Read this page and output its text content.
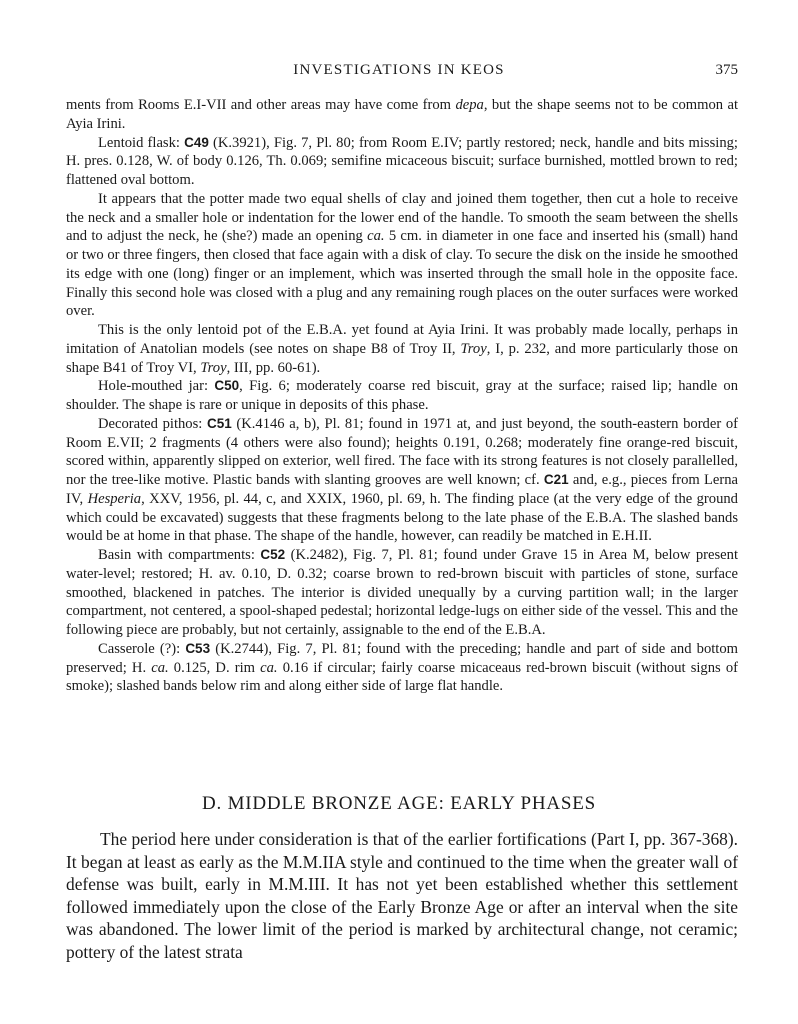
INVESTIGATIONS IN KEOS	375

ments from Rooms E.I-VII and other areas may have come from depa, but the shape seems not to be common at Ayia Irini.

Lentoid flask: C49 (K.3921), Fig. 7, Pl. 80; from Room E.IV; partly restored; neck, handle and bits missing; H. pres. 0.128, W. of body 0.126, Th. 0.069; semifine micaceous biscuit; surface burnished, mottled brown to red; flattened oval bottom.

It appears that the potter made two equal shells of clay and joined them together, then cut a hole to receive the neck and a smaller hole or indentation for the lower end of the handle. To smooth the seam between the shells and to adjust the neck, he (she?) made an opening ca. 5 cm. in diameter in one face and inserted his (small) hand or two or three fingers, then closed that face again with a disk of clay. To secure the disk on the inside he smoothed its edge with one (long) finger or an implement, which was inserted through the small hole in the opposite face. Finally this second hole was closed with a plug and any remaining rough places on the outer surfaces were worked over.

This is the only lentoid pot of the E.B.A. yet found at Ayia Irini. It was probably made locally, perhaps in imitation of Anatolian models (see notes on shape B8 of Troy II, Troy, I, p. 232, and more particularly those on shape B41 of Troy VI, Troy, III, pp. 60-61).

Hole-mouthed jar: C50, Fig. 6; moderately coarse red biscuit, gray at the surface; raised lip; handle on shoulder. The shape is rare or unique in deposits of this phase.

Decorated pithos: C51 (K.4146 a, b), Pl. 81; found in 1971 at, and just beyond, the south-eastern border of Room E.VII; 2 fragments (4 others were also found); heights 0.191, 0.268; moderately fine orange-red biscuit, scored within, apparently slipped on exterior, well fired. The face with its strong features is not closely parallelled, nor the tree-like motive. Plastic bands with slanting grooves are well known; cf. C21 and, e.g., pieces from Lerna IV, Hesperia, XXV, 1956, pl. 44, c, and XXIX, 1960, pl. 69, h. The finding place (at the very edge of the ground which could be excavated) suggests that these fragments belong to the late phase of the E.B.A. The slashed bands would be at home in that phase. The shape of the handle, however, can readily be matched in E.H.II.

Basin with compartments: C52 (K.2482), Fig. 7, Pl. 81; found under Grave 15 in Area M, below present water-level; restored; H. av. 0.10, D. 0.32; coarse brown to red-brown biscuit with particles of stone, surface smoothed, blackened in patches. The interior is divided unequally by a curving partition wall; in the larger compartment, not centered, a spool-shaped pedestal; horizontal ledge-lugs on either side of the vessel. This and the following piece are probably, but not certainly, assignable to the end of the E.B.A.

Casserole (?): C53 (K.2744), Fig. 7, Pl. 81; found with the preceding; handle and part of side and bottom preserved; H. ca. 0.125, D. rim ca. 0.16 if circular; fairly coarse micaceaus red-brown biscuit (without signs of smoke); slashed bands below rim and along either side of large flat handle.

D. MIDDLE BRONZE AGE: EARLY PHASES

The period here under consideration is that of the earlier fortifications (Part I, pp. 367-368). It began at least as early as the M.M.IIA style and continued to the time when the greater wall of defense was built, early in M.M.III. It has not yet been established whether this settlement followed immediately upon the close of the Early Bronze Age or after an interval when the site was abandoned. The lower limit of the period is marked by architectural change, not ceramic; pottery of the latest strata
